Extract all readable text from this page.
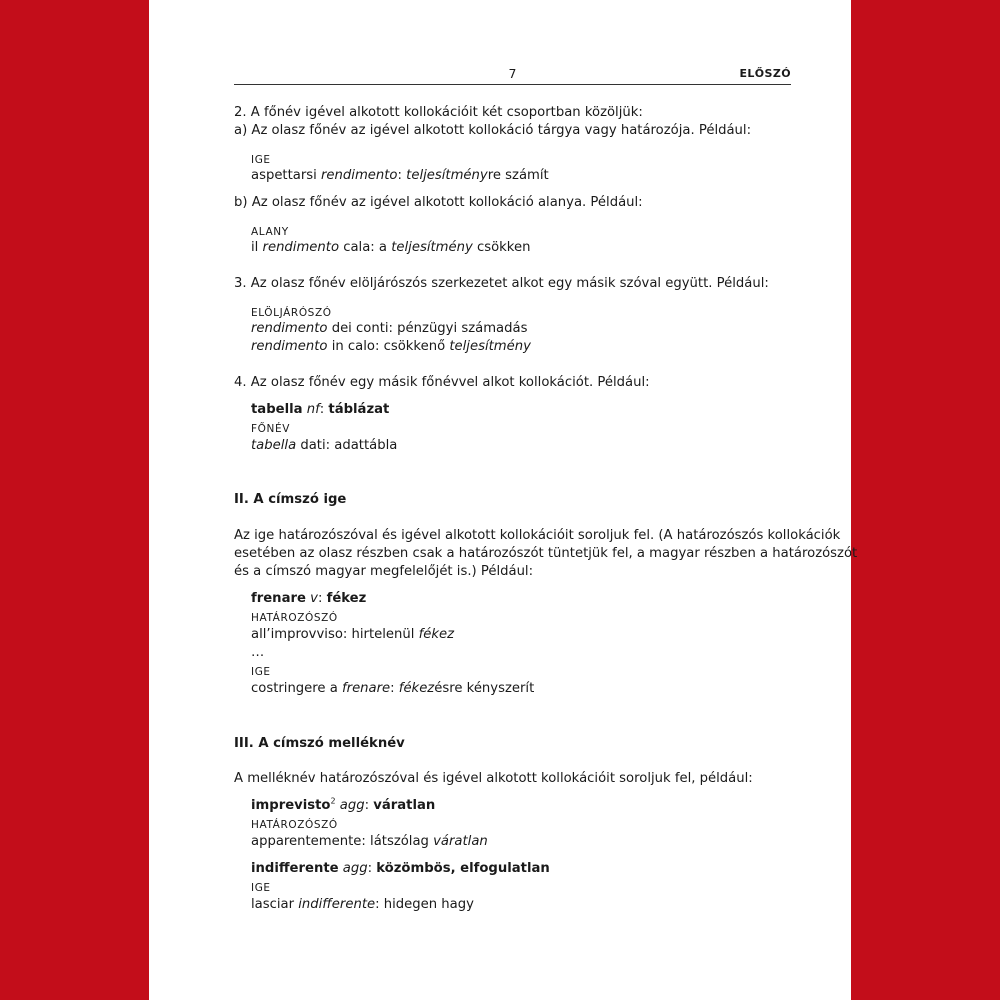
7	ELŐSZÓ
2. A főnév igével alkotott kollokációit két csoportban közöljük:
a) Az olasz főnév az igével alkotott kollokáció tárgya vagy határozója. Például:
IGE
aspettarsi rendimento: teljesítményre számít
b) Az olasz főnév az igével alkotott kollokáció alanya. Például:
ALANY
il rendimento cala: a teljesítmény csökken
3. Az olasz főnév elöljárószós szerkezetet alkot egy másik szóval együtt. Például:
ELÖLJÁRÓSZÓ
rendimento dei conti: pénzügyi számadás
rendimento in calo: csökkenő teljesítmény
4. Az olasz főnév egy másik főnévvel alkot kollokációt. Például:
tabella nf: táblázat
FŐNÉV
tabella dati: adattábla
II. A címszó ige
Az ige határozószóval és igével alkotott kollokációit soroljuk fel. (A határozószós kollokációk
esetében az olasz részben csak a határozószót tüntetjük fel, a magyar részben a határozószót
és a címszó magyar megfelelőjét is.) Például:
frenare v: fékez
HATÁROZÓSZÓ
all’improvviso: hirtelenül fékez
…
IGE
costringere a frenare: fékezésre kényszerít
III. A címszó melléknév
A melléknév határozószóval és igével alkotott kollokációit soroljuk fel, például:
imprevisto$^2$ agg: váratlan
HATÁROZÓSZÓ
apparentemente: látszólag váratlan
indifferente agg: közömbös, elfogulatlan
IGE
lasciar indifferente: hidegen hagy
